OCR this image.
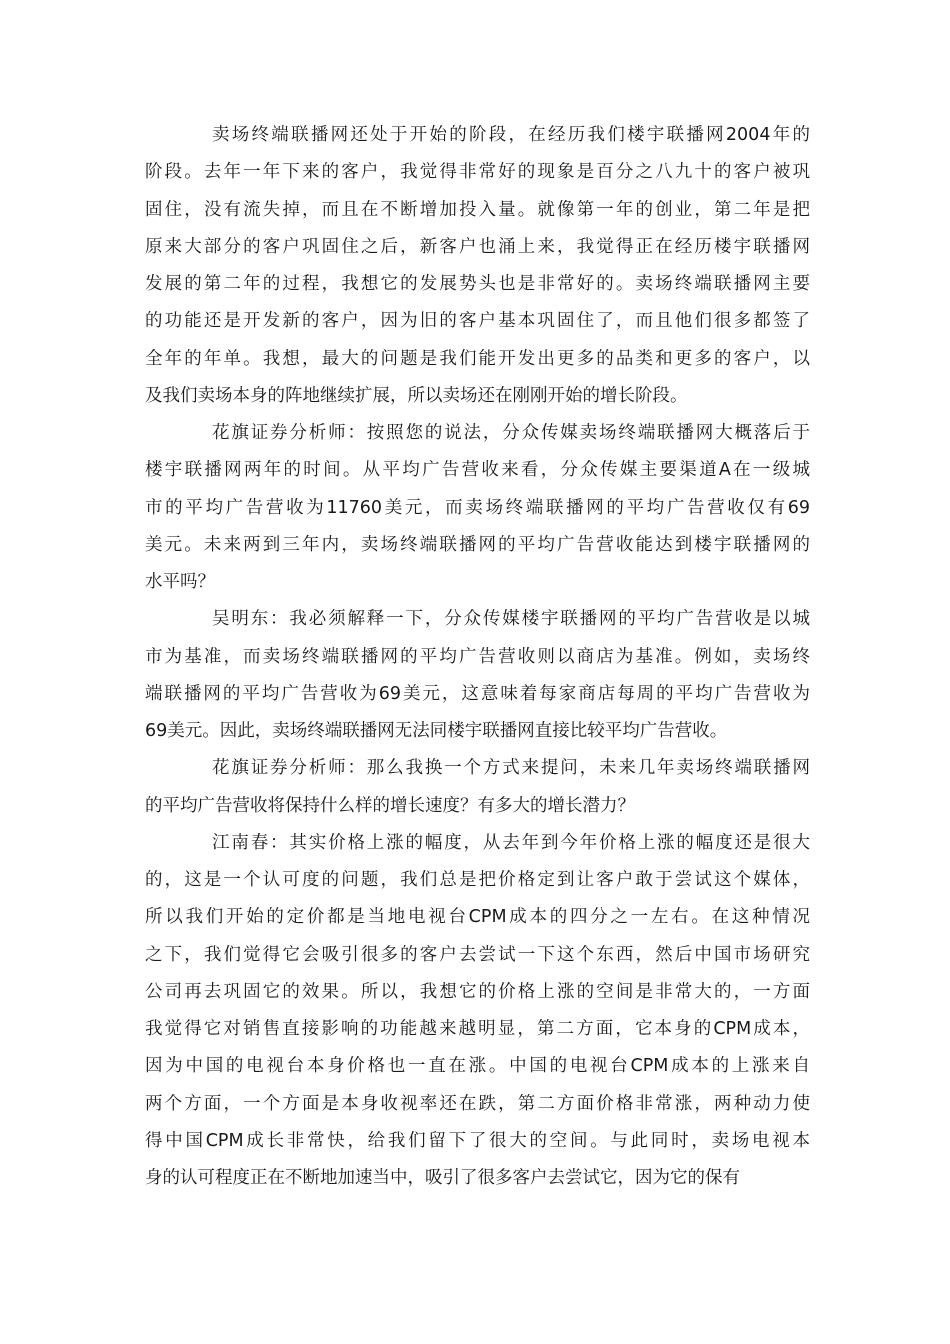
卖场终端联播网还处于开始的阶段，在经历我们楼宇联播网2004年的
阶段。去年一年下来的客户，我觉得非常好的现象是百分之八九十的客户被巩
固住，没有流失掉，而且在不断增加投入量。就像第一年的创业，第二年是把
原来大部分的客户巩固住之后，新客户也涌上来，我觉得正在经历楼宇联播网
发展的第二年的过程，我想它的发展势头也是非常好的。卖场终端联播网主要
的功能还是开发新的客户，因为旧的客户基本巩固住了，而且他们很多都签了
全年的年单。我想，最大的问题是我们能开发出更多的品类和更多的客户，以
及我们卖场本身的阵地继续扩展，所以卖场还在刚刚开始的增长阶段。
花旗证券分析师：按照您的说法，分众传媒卖场终端联播网大概落后于
楼宇联播网两年的时间。从平均广告营收来看，分众传媒主要渠道A在一级城
市的平均广告营收为11760美元，而卖场终端联播网的平均广告营收仅有69
美元。未来两到三年内，卖场终端联播网的平均广告营收能达到楼宇联播网的
水平吗？
吴明东：我必须解释一下，分众传媒楼宇联播网的平均广告营收是以城
市为基准，而卖场终端联播网的平均广告营收则以商店为基准。例如，卖场终
端联播网的平均广告营收为69美元，这意味着每家商店每周的平均广告营收为
69美元。因此，卖场终端联播网无法同楼宇联播网直接比较平均广告营收。
花旗证券分析师：那么我换一个方式来提问，未来几年卖场终端联播网
的平均广告营收将保持什么样的增长速度？有多大的增长潜力？
江南春：其实价格上涨的幅度，从去年到今年价格上涨的幅度还是很大
的，这是一个认可度的问题，我们总是把价格定到让客户敢于尝试这个媒体，
所以我们开始的定价都是当地电视台CPM成本的四分之一左右。在这种情况
之下，我们觉得它会吸引很多的客户去尝试一下这个东西，然后中国市场研究
公司再去巩固它的效果。所以，我想它的价格上涨的空间是非常大的，一方面
我觉得它对销售直接影响的功能越来越明显，第二方面，它本身的CPM成本，
因为中国的电视台本身价格也一直在涨。中国的电视台CPM成本的上涨来自
两个方面，一个方面是本身收视率还在跌，第二方面价格非常涨，两种动力使
得中国CPM成长非常快，给我们留下了很大的空间。与此同时，卖场电视本
身的认可程度正在不断地加速当中，吸引了很多客户去尝试它，因为它的保有
